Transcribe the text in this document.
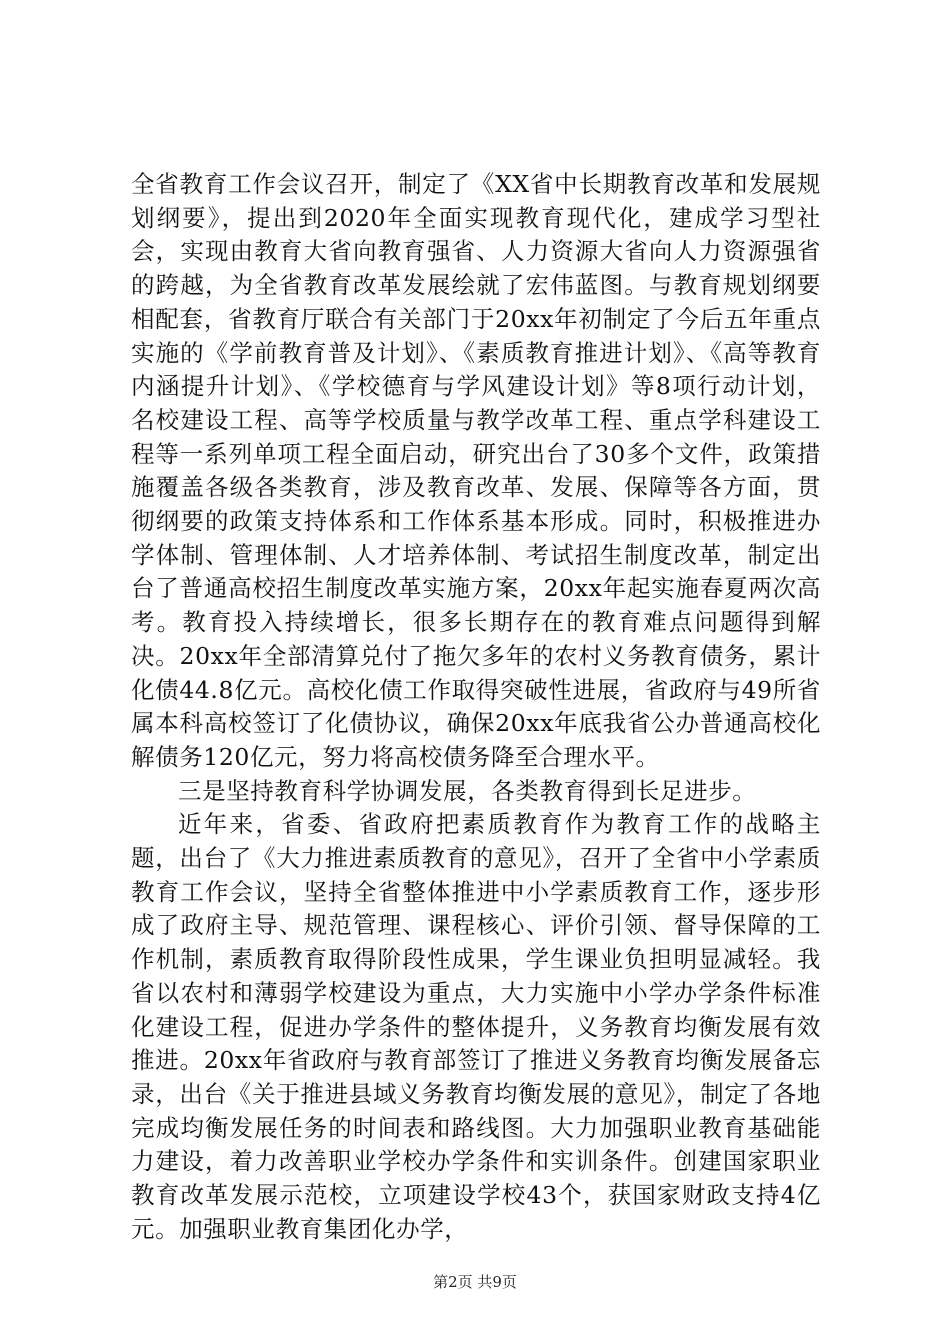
全省教育工作会议召开，制定了《XX省中长期教育改革和发展规划纲要》，提出到2020年全面实现教育现代化，建成学习型社会，实现由教育大省向教育强省、人力资源大省向人力资源强省的跨越，为全省教育改革发展绘就了宏伟蓝图。与教育规划纲要相配套，省教育厅联合有关部门于20xx年初制定了今后五年重点实施的《学前教育普及计划》、《素质教育推进计划》、《高等教育内涵提升计划》、《学校德育与学风建设计划》等8项行动计划，名校建设工程、高等学校质量与教学改革工程、重点学科建设工程等一系列单项工程全面启动，研究出台了30多个文件，政策措施覆盖各级各类教育，涉及教育改革、发展、保障等各方面，贯彻纲要的政策支持体系和工作体系基本形成。同时，积极推进办学体制、管理体制、人才培养体制、考试招生制度改革，制定出台了普通高校招生制度改革实施方案，20xx年起实施春夏两次高考。教育投入持续增长，很多长期存在的教育难点问题得到解决。20xx年全部清算兑付了拖欠多年的农村义务教育债务，累计化债44.8亿元。高校化债工作取得突破性进展，省政府与49所省属本科高校签订了化债协议，确保20xx年底我省公办普通高校化解债务120亿元，努力将高校债务降至合理水平。

三是坚持教育科学协调发展，各类教育得到长足进步。

近年来，省委、省政府把素质教育作为教育工作的战略主题，出台了《大力推进素质教育的意见》，召开了全省中小学素质教育工作会议，坚持全省整体推进中小学素质教育工作，逐步形成了政府主导、规范管理、课程核心、评价引领、督导保障的工作机制，素质教育取得阶段性成果，学生课业负担明显减轻。我省以农村和薄弱学校建设为重点，大力实施中小学办学条件标准化建设工程，促进办学条件的整体提升，义务教育均衡发展有效推进。20xx年省政府与教育部签订了推进义务教育均衡发展备忘录，出台《关于推进县域义务教育均衡发展的意见》，制定了各地完成均衡发展任务的时间表和路线图。大力加强职业教育基础能力建设，着力改善职业学校办学条件和实训条件。创建国家职业教育改革发展示范校，立项建设学校43个，获国家财政支持4亿元。加强职业教育集团化办学，

第2页 共9页
